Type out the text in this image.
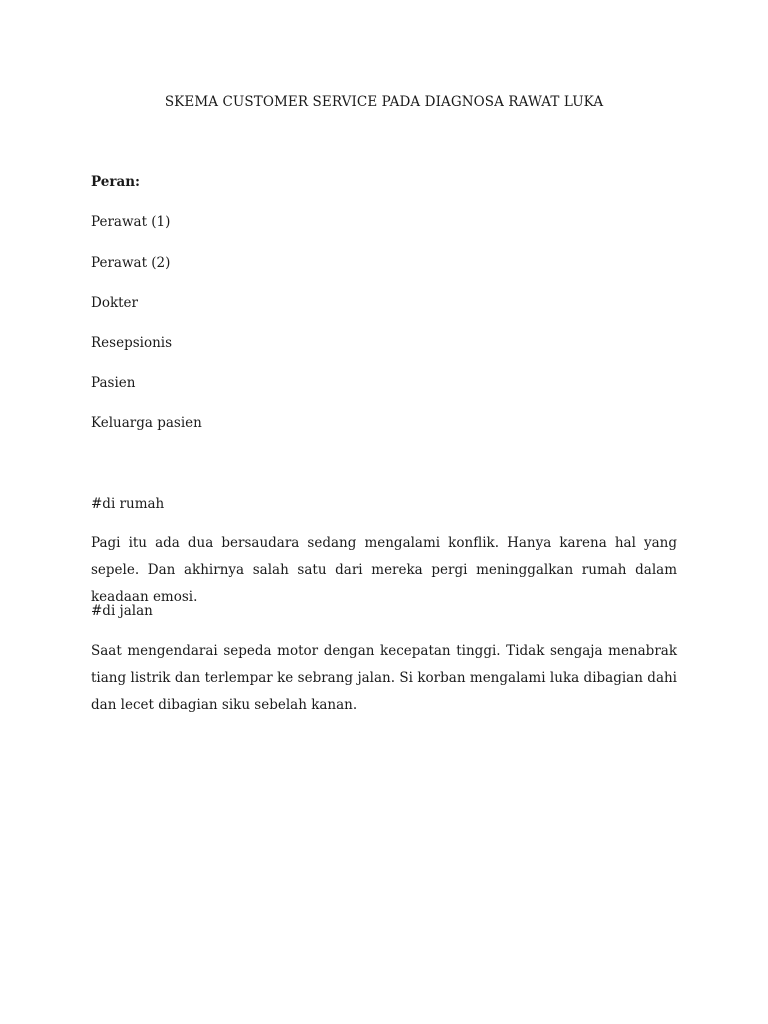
SKEMA CUSTOMER SERVICE PADA DIAGNOSA RAWAT LUKA
Peran:
Perawat (1)
Perawat (2)
Dokter
Resepsionis
Pasien
Keluarga pasien
#di rumah
Pagi itu ada dua bersaudara sedang mengalami konflik. Hanya karena hal yang sepele. Dan akhirnya salah satu dari mereka pergi meninggalkan rumah dalam keadaan emosi.
#di jalan
Saat mengendarai sepeda motor dengan kecepatan tinggi. Tidak sengaja menabrak tiang listrik dan terlempar ke sebrang jalan. Si korban mengalami luka dibagian dahi dan lecet dibagian siku sebelah kanan.
